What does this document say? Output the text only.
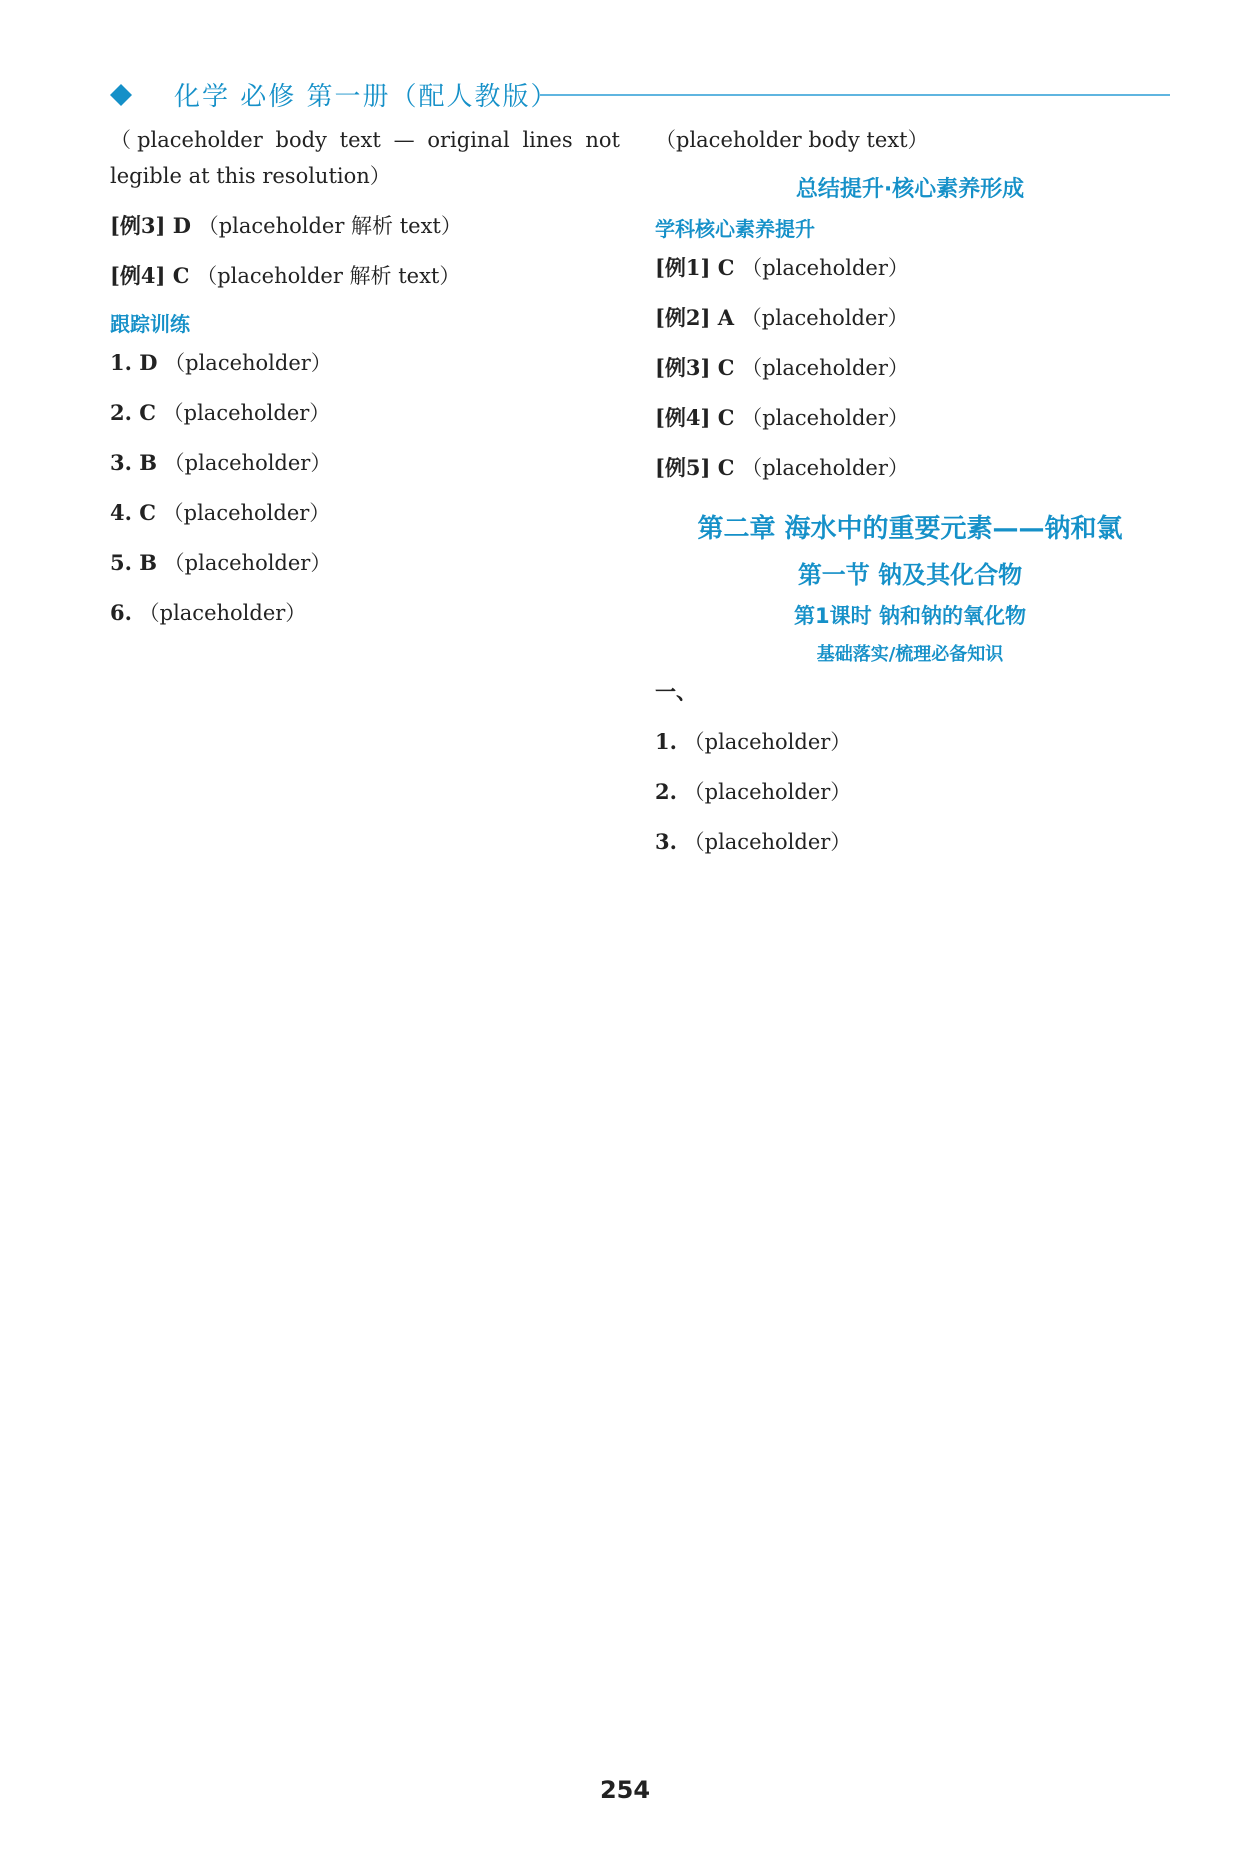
化学 必修 第一册（配人教版）

（placeholder body text — original lines not legible at this resolution）

[例3] D （placeholder 解析 text）

[例4] C （placeholder 解析 text）

跟踪训练

1. D （placeholder）

2. C （placeholder）

3. B （placeholder）

4. C （placeholder）

5. B （placeholder）

6. （placeholder）

（placeholder body text）

总结提升·核心素养形成
学科核心素养提升

[例1] C （placeholder）

[例2] A （placeholder）

[例3] C （placeholder）

[例4] C （placeholder）

[例5] C （placeholder）

第二章 海水中的重要元素——钠和氯
第一节 钠及其化合物
第1课时 钠和钠的氧化物
基础落实/梳理必备知识

一、

1. （placeholder）

2. （placeholder）

3. （placeholder）

254
